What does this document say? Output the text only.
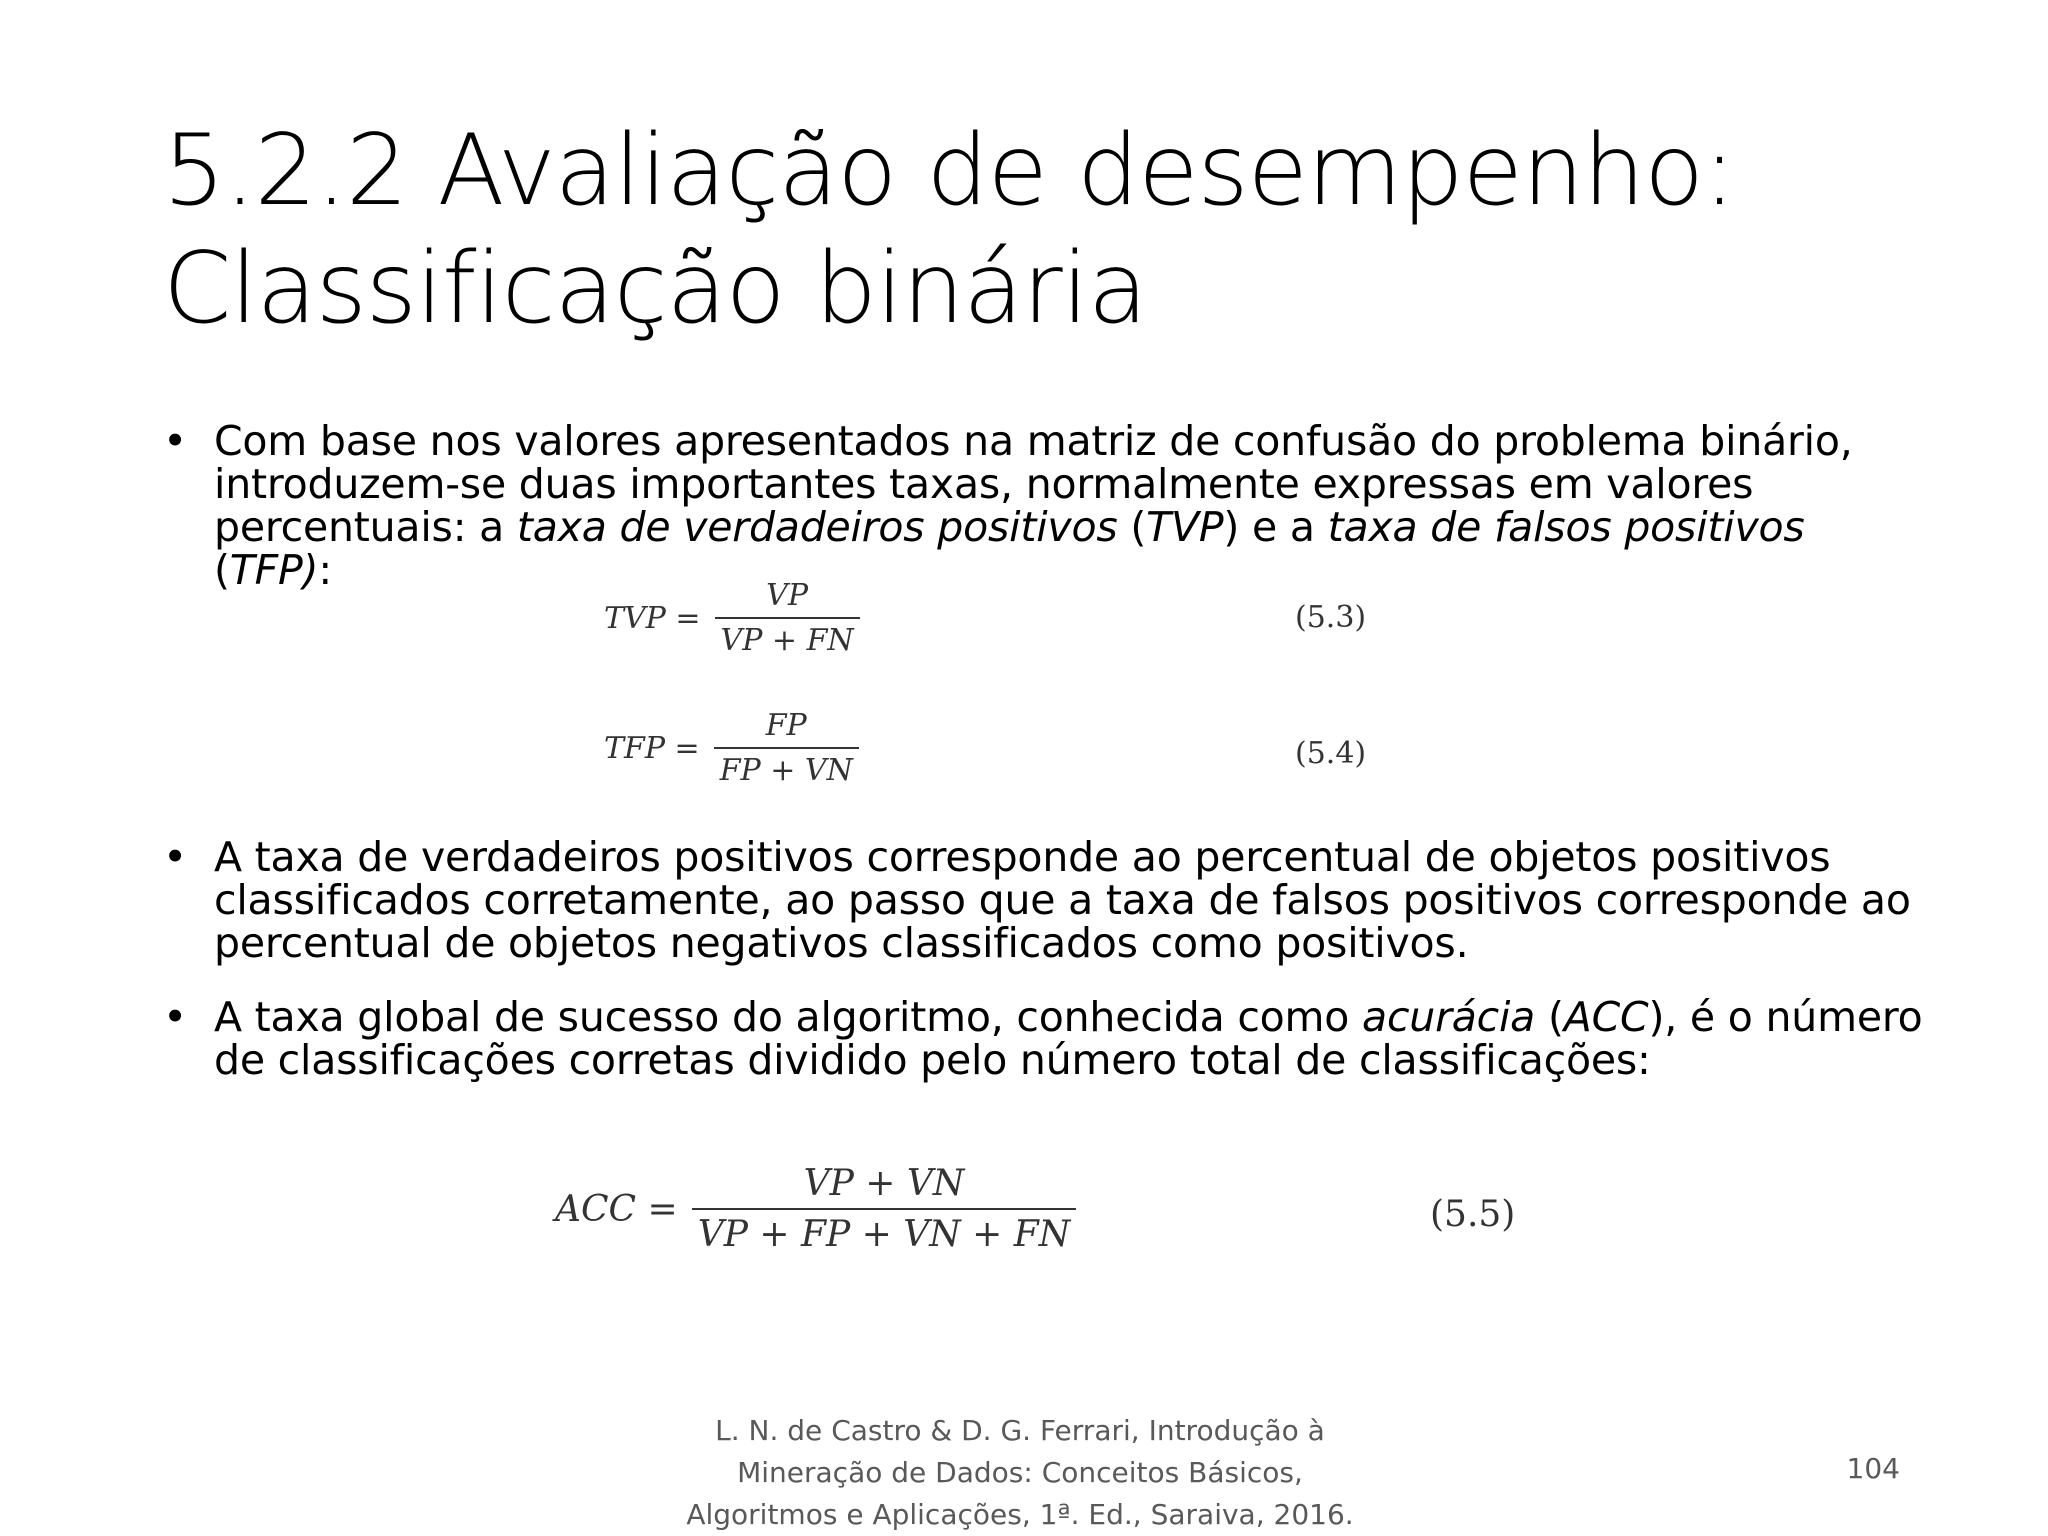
5.2.2 Avaliação de desempenho:
Classificação binária
• Com base nos valores apresentados na matriz de confusão do problema binário, introduzem-se duas importantes taxas, normalmente expressas em valores percentuais: a taxa de verdadeiros positivos (TVP) e a taxa de falsos positivos (TFP):
TVP = $\frac{VP}{VP + FN}$	(5.3)
TFP = $\frac{FP}{FP + VN}$	(5.4)
• A taxa de verdadeiros positivos corresponde ao percentual de objetos positivos classificados corretamente, ao passo que a taxa de falsos positivos corresponde ao percentual de objetos negativos classificados como positivos.
• A taxa global de sucesso do algoritmo, conhecida como acurácia (ACC), é o número de classificações corretas dividido pelo número total de classificações:
ACC = $\frac{VP + VN}{VP + FP + VN + FN}$	(5.5)
L. N. de Castro & D. G. Ferrari, Introdução à
Mineração de Dados: Conceitos Básicos,
Algoritmos e Aplicações, 1ª. Ed., Saraiva, 2016.
104
